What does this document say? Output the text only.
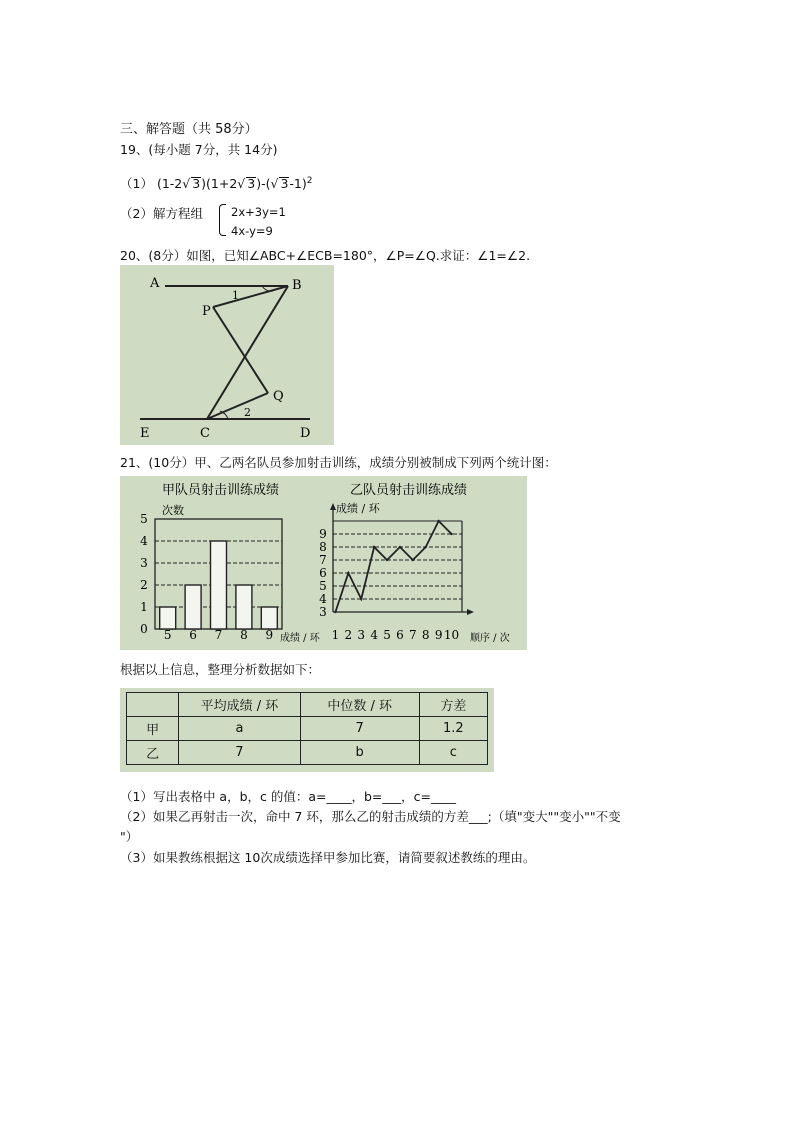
三、解答题（共 58分）
19、(每小题 7分，共 14分)
（1） (1-2√ 3)(1+2√ 3)-(√ 3-1)$^2$
（2）解方程组 2x+3y=1
4x-y=9
20、(8分）如图，已知∠ABC+∠ECB=180°，∠P=∠Q.求证：∠1=∠2.
A	B
P
Q
C	D
E
1
2
21、(10分）甲、乙两名队员参加射击训练，成绩分别被制成下列两个统计图：
甲队员射击训练成绩
次数
0
1
2
3
4
5
5 6 7 8 9 成绩 / 环
乙队员射击训练成绩
成绩 / 环
3
4
5
6
7
8
9
1 2 3 4 5 6 7 8 9 10 顺序 / 次
根据以上信息，整理分析数据如下：
	平均成绩 / 环	中位数 / 环	方差
甲	a	7	1.2
乙	7	b	c
（1）写出表格中 a，b，c 的值：a=____，b=___，c=____
（2）如果乙再射击一次，命中 7 环，那么乙的射击成绩的方差___;（填"变大""变小""不变
"）
（3）如果教练根据这 10次成绩选择甲参加比赛，请简要叙述教练的理由。
